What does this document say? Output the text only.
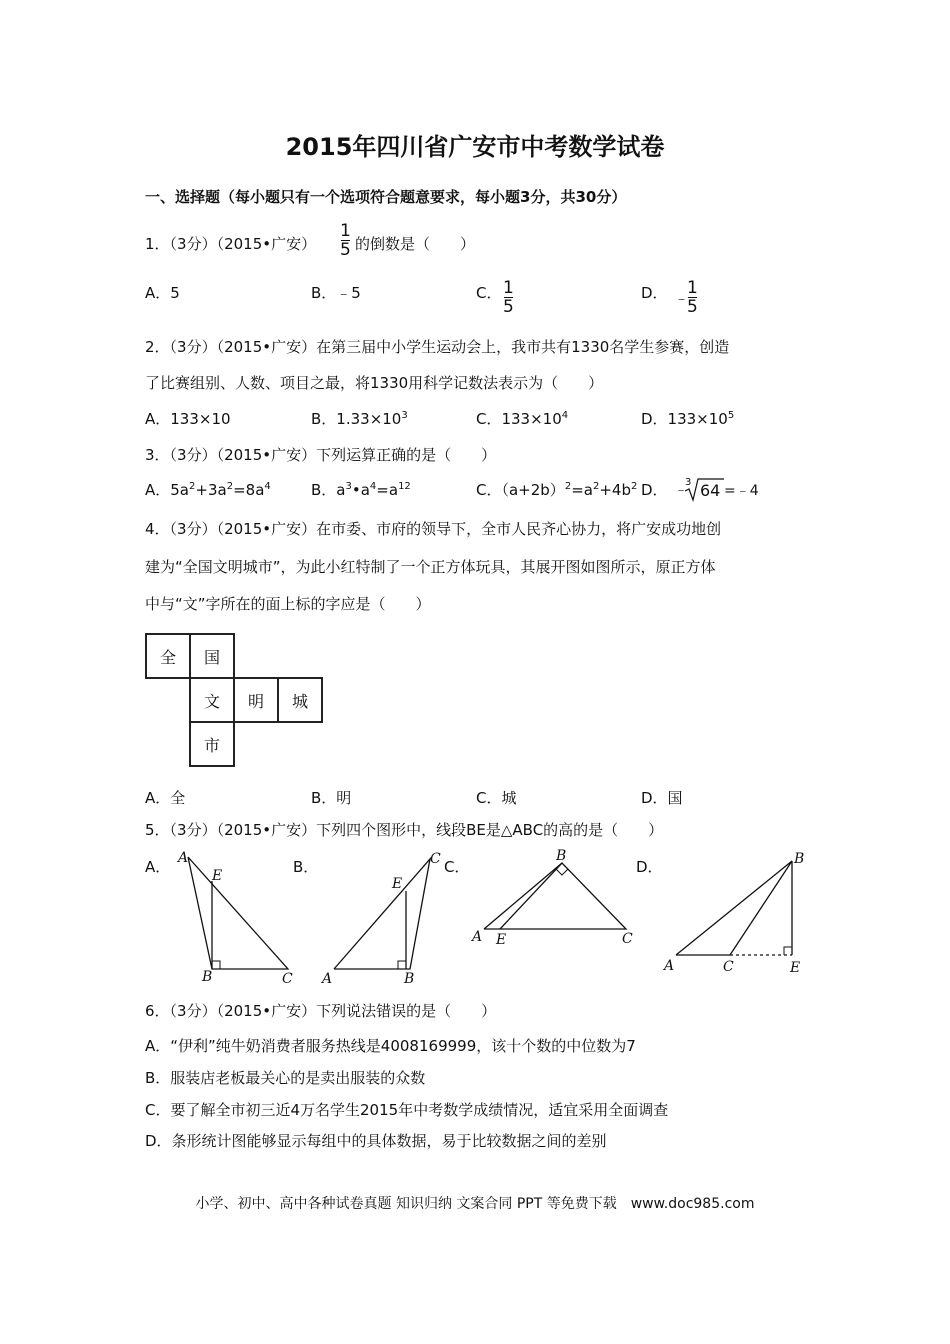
2015年四川省广安市中考数学试卷
一、选择题（每小题只有一个选项符合题意要求，每小题3分，共30分）
1．（3分）（2015•广安）
1
5 的倒数是（　　）
A．5	B．﹣5	C． 1
5
D． ﹣
1
5
2．（3分）（2015•广安）在第三届中小学生运动会上，我市共有1330名学生参赛，创造
了比赛组别、人数、项目之最，将1330用科学记数法表示为（　　）
A．133×10	B．$1.33\times 10^3$	C．$133\times 10^4$	D．$133\times 10^5$
3．（3分）（2015•广安）下列运算正确的是（　　）
A．$5a^2+3a^2=8a^4$	B．$a^3•a^4=a^{12}$	C．$(a+2b)^2=a^2+4b^2$ D． ﹣
3 64 =﹣4
4．（3分）（2015•广安）在市委、市府的领导下，全市人民齐心协力，将广安成功地创
建为“全国文明城市”，为此小红特制了一个正方体玩具，其展开图如图所示，原正方体
中与“文”字所在的面上标的字应是（　　）
全	国		
	文	明	城
	市		
A．全	B．明	C．城	D．国
5．（3分）（2015•广安）下列四个图形中，线段BE是△ABC的高的是（　　）
A．	B．	C．	D．
A
E
B	C
C
E
A	B
B
A E	C
B
A	C	E
6．（3分）（2015•广安）下列说法错误的是（　　）
A．“伊利”纯牛奶消费者服务热线是4008169999，该十个数的中位数为7
B．服装店老板最关心的是卖出服装的众数
C．要了解全市初三近4万名学生2015年中考数学成绩情况，适宜采用全面调查
D．条形统计图能够显示每组中的具体数据，易于比较数据之间的差别
小学、初中、高中各种试卷真题 知识归纳 文案合同 PPT 等免费下载　www.doc985.com
